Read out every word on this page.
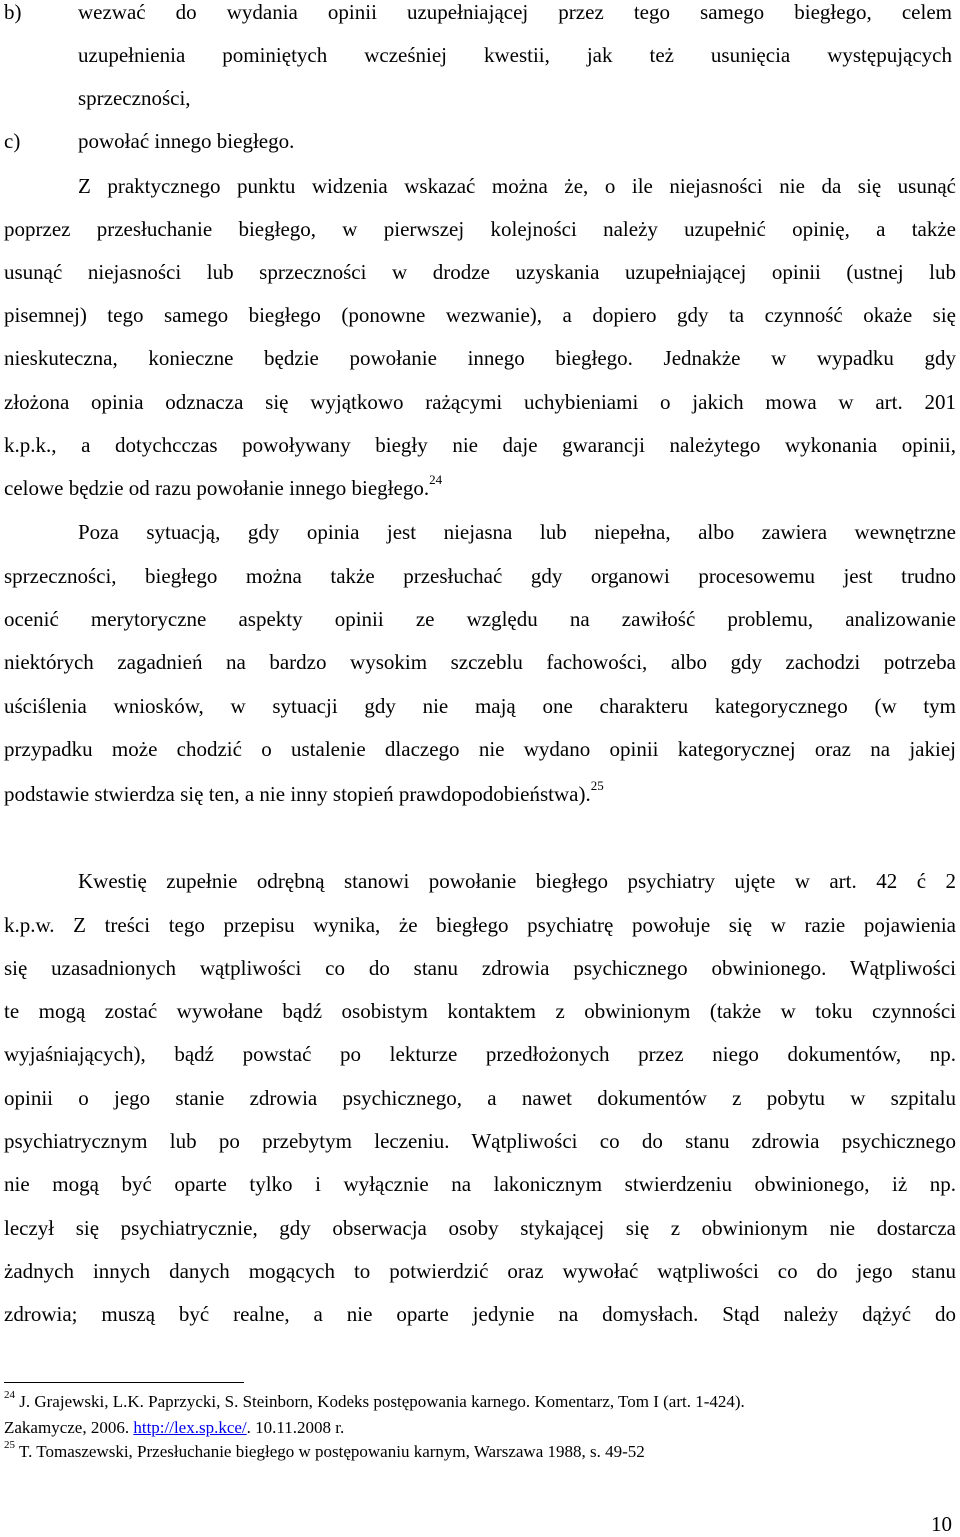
b)	wezwać do wydania opinii uzupełniającej przez tego samego biegłego, celem
uzupełnienia pominiętych wcześniej kwestii, jak też usunięcia występujących
sprzeczności,
c)	powołać innego biegłego.
Z praktycznego punktu widzenia wskazać można że, o ile niejasności nie da się usunąć
poprzez przesłuchanie biegłego, w pierwszej kolejności należy uzupełnić opinię, a także
usunąć niejasności lub sprzeczności w drodze uzyskania uzupełniającej opinii (ustnej lub
pisemnej) tego samego biegłego (ponowne wezwanie), a dopiero gdy ta czynność okaże się
nieskuteczna, konieczne będzie powołanie innego biegłego. Jednakże w wypadku gdy
złożona opinia odznacza się wyjątkowo rażącymi uchybieniami o jakich mowa w art. 201
k.p.k., a dotychcczas powoływany biegły nie daje gwarancji należytego wykonania opinii,
celowe będzie od razu powołanie innego biegłego.$^{24}$
Poza sytuacją, gdy opinia jest niejasna lub niepełna, albo zawiera wewnętrzne
sprzeczności, biegłego można także przesłuchać gdy organowi procesowemu jest trudno
ocenić merytoryczne aspekty opinii ze względu na zawiłość problemu, analizowanie
niektórych zagadnień na bardzo wysokim szczeblu fachowości, albo gdy zachodzi potrzeba
uściślenia wniosków, w sytuacji gdy nie mają one charakteru kategorycznego (w tym
przypadku może chodzić o ustalenie dlaczego nie wydano opinii kategorycznej oraz na jakiej
podstawie stwierdza się ten, a nie inny stopień prawdopodobieństwa).$^{25}$
Kwestię zupełnie odrębną stanowi powołanie biegłego psychiatry ujęte w art. 42 ć 2
k.p.w. Z treści tego przepisu wynika, że biegłego psychiatrę powołuje się w razie pojawienia
się uzasadnionych wątpliwości co do stanu zdrowia psychicznego obwinionego. Wątpliwości
te mogą zostać wywołane bądź osobistym kontaktem z obwinionym (także w toku czynności
wyjaśniających), bądź powstać po lekturze przedłożonych przez niego dokumentów, np.
opinii o jego stanie zdrowia psychicznego, a nawet dokumentów z pobytu w szpitalu
psychiatrycznym lub po przebytym leczeniu. Wątpliwości co do stanu zdrowia psychicznego
nie mogą być oparte tylko i wyłącznie na lakonicznym stwierdzeniu obwinionego, iż np.
leczył się psychiatrycznie, gdy obserwacja osoby stykającej się z obwinionym nie dostarcza
żadnych innych danych mogących to potwierdzić oraz wywołać wątpliwości co do jego stanu
zdrowia; muszą być realne, a nie oparte jedynie na domysłach. Stąd należy dążyć do
$^{24}$ J. Grajewski, L.K. Paprzycki, S. Steinborn, Kodeks postępowania karnego. Komentarz, Tom I (art. 1-424).
Zakamycze, 2006. http://lex.sp.kce/. 10.11.2008 r.
$^{25}$ T. Tomaszewski, Przesłuchanie biegłego w postępowaniu karnym, Warszawa 1988, s. 49-52
10
